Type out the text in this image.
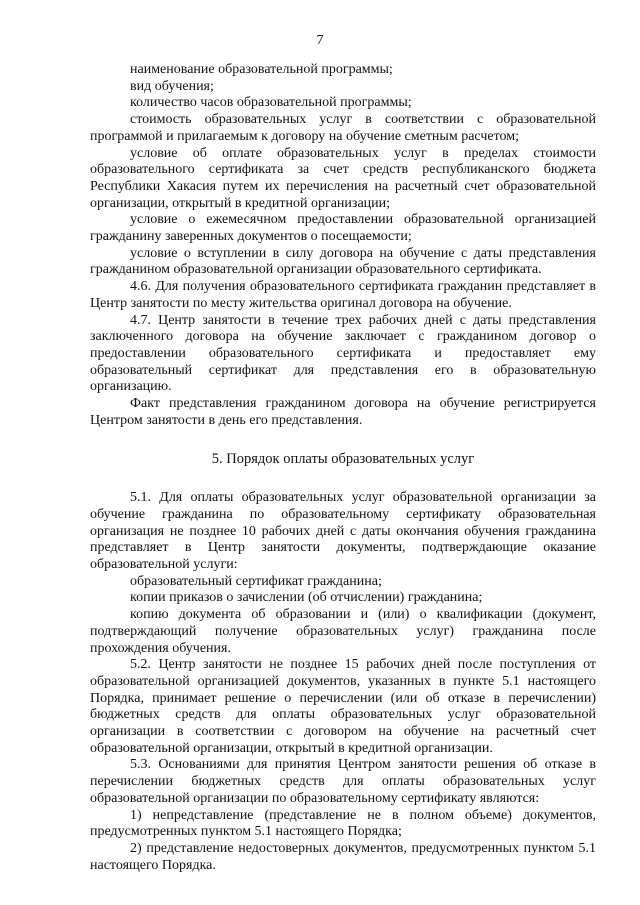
7

наименование образовательной программы;

вид обучения;

количество часов образовательной программы;

стоимость образовательных услуг в соответствии с образовательной программой и прилагаемым к договору на обучение сметным расчетом;

условие об оплате образовательных услуг в пределах стоимости образовательного сертификата за счет средств республиканского бюджета Республики Хакасия путем их перечисления на расчетный счет образовательной организации, открытый в кредитной организации;

условие о ежемесячном предоставлении образовательной организацией гражданину заверенных документов о посещаемости;

условие о вступлении в силу договора на обучение с даты представления гражданином образовательной организации образовательного сертификата.

4.6. Для получения образовательного сертификата гражданин представляет в Центр занятости по месту жительства оригинал договора на обучение.

4.7. Центр занятости в течение трех рабочих дней с даты представления заключенного договора на обучение заключает с гражданином договор о предоставлении образовательного сертификата и предоставляет ему образовательный сертификат для представления его в образовательную организацию.

Факт представления гражданином договора на обучение регистрируется Центром занятости в день его представления.

5. Порядок оплаты образовательных услуг

5.1. Для оплаты образовательных услуг образовательной организации за обучение гражданина по образовательному сертификату образовательная организация не позднее 10 рабочих дней с даты окончания обучения гражданина представляет в Центр занятости документы, подтверждающие оказание образовательной услуги:

образовательный сертификат гражданина;

копии приказов о зачислении (об отчислении) гражданина;

копию документа об образовании и (или) о квалификации (документ, подтверждающий получение образовательных услуг) гражданина после прохождения обучения.

5.2. Центр занятости не позднее 15 рабочих дней после поступления от образовательной организацией документов, указанных в пункте 5.1 настоящего Порядка, принимает решение о перечислении (или об отказе в перечислении) бюджетных средств для оплаты образовательных услуг образовательной организации в соответствии с договором на обучение на расчетный счет образовательной организации, открытый в кредитной организации.

5.3. Основаниями для принятия Центром занятости решения об отказе в перечислении бюджетных средств для оплаты образовательных услуг образовательной организации по образовательному сертификату являются:

1) непредставление (представление не в полном объеме) документов, предусмотренных пунктом 5.1 настоящего Порядка;

2) представление недостоверных документов, предусмотренных пунктом 5.1 настоящего Порядка.
